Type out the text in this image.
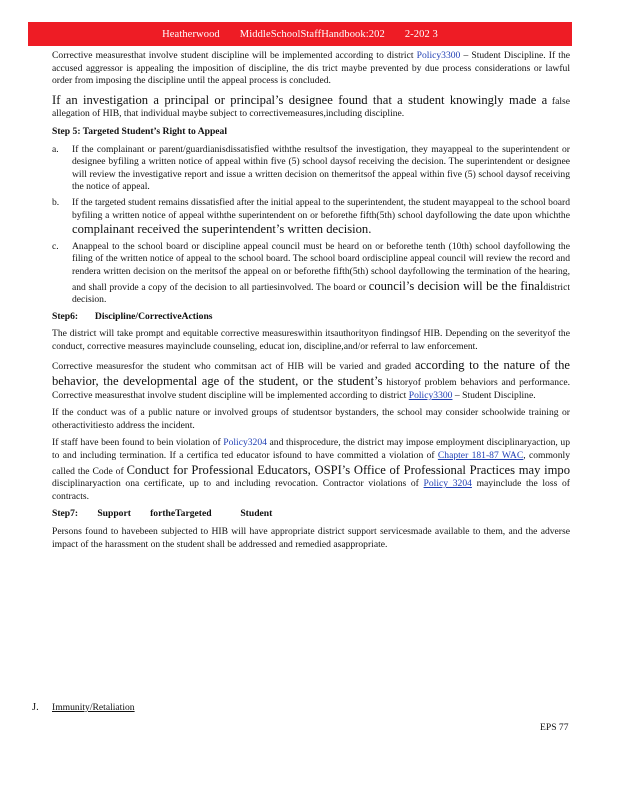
Heatherwood MiddleSchoolStaffHandbook:202 2-202 3

Corrective measuresthat involve student discipline will be implemented according to district Policy3300 – Student Discipline. If the accused aggressor is appealing the imposition of discipline, the dis trict maybe prevented by due process considerations or lawful order from imposing the discipline until the appeal process is concluded.

If an investigation a principal or principal’s designee found that a student knowingly made a false allegation of HIB, that individual maybe subject to correctivemeasures,including discipline.

Step 5: Targeted Student’s Right to Appeal
a. If the complainant or parent/guardianisdissatisfied withthe resultsof the investigation, they mayappeal to the superintendent or designee byfiling a written notice of appeal within five (5) school daysof receiving the decision. The superintendent or designee will review the investigative report and issue a written decision on themeritsof the appeal within five (5) school daysof receiving the notice of appeal.
b. If the targeted student remains dissatisfied after the initial appeal to the superintendent, the student mayappeal to the school board byfiling a written notice of appeal withthe superintendent on or beforethe fifth(5th) school dayfollowing the date upon whichthe complainant received the superintendent’s written decision.
c. Anappeal to the school board or discipline appeal council must be heard on or beforethe tenth (10th) school dayfollowing the filing of the written notice of appeal to the school board. The school board ordiscipline appeal council will review the record and rendera written decision on the meritsof the appeal on or beforethe fifth(5th) school dayfollowing the termination of the hearing, and shall provide a copy of the decision to all partiesinvolved. The board or council’s decision will be the finaldistrict decision.
Step6: Discipline/CorrectiveActions

The district will take prompt and equitable corrective measureswithin itsauthorityon findingsof HIB. Depending on the severityof the conduct, corrective measures mayinclude counseling, educat ion, discipline,and/or referral to law enforcement.

Corrective measuresfor the student who commitsan act of HIB will be varied and graded according to the nature of the behavior, the developmental age of the student, or the student’s historyof problem behaviors and performance. Corrective measuresthat involve student discipline will be implemented according to district Policy3300 – Student Discipline.

If the conduct was of a public nature or involved groups of studentsor bystanders, the school may consider schoolwide training or otheractivitiesto address the incident.

If staff have been found to bein violation of Policy3204 and thisprocedure, the district may impose employment disciplinaryaction, up to and including termination. If a certifica ted educator isfound to have committed a violation of Chapter 181-87 WAC, commonly called the Code of Conduct for Professional Educators, OSPI’s Office of Professional Practices may impo disciplinaryaction ona certificate, up to and including revocation. Contractor violations of Policy 3204 mayinclude the loss of contracts.

Step7: Support fortheTargeted	Student

Persons found to havebeen subjected to HIB will have appropriate district support servicesmade available to them, and the adverse impact of the harassment on the student shall be addressed and remedied asappropriate.

J. Immunity/Retaliation
EPS 77
